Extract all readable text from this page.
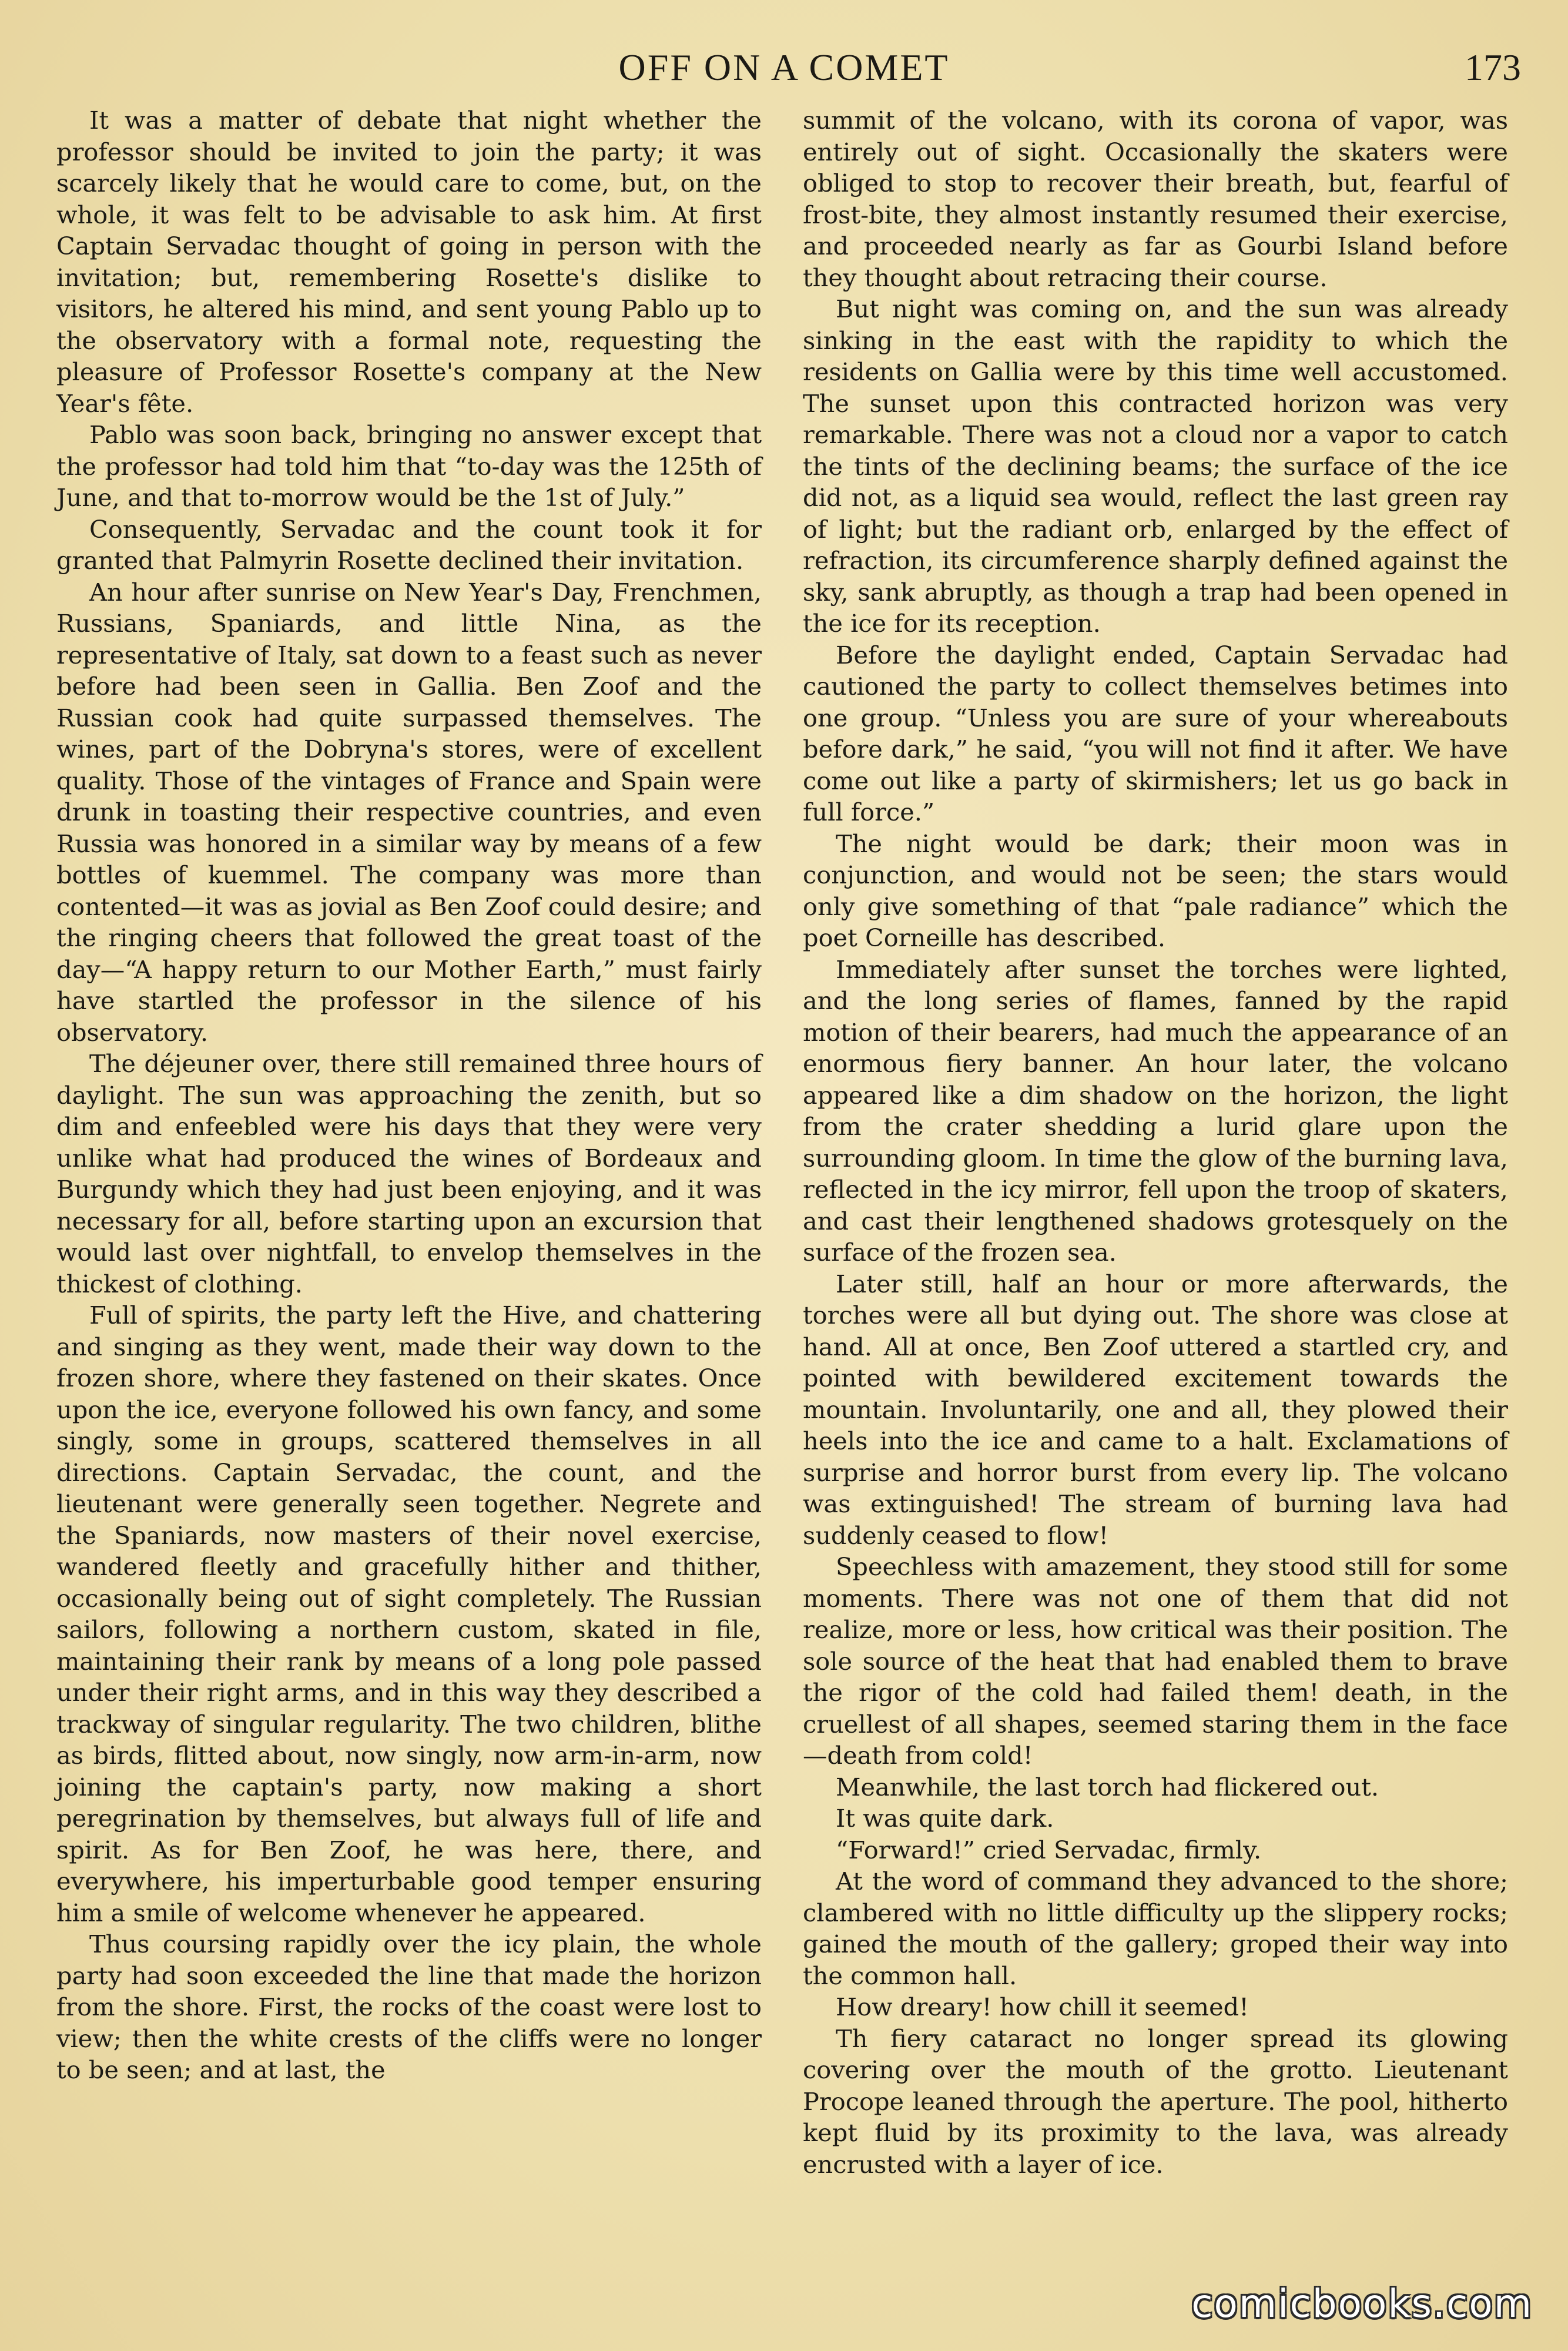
OFF ON A COMET	173

It was a matter of debate that night whether the professor should be invited to join the party; it was scarcely likely that he would care to come, but, on the whole, it was felt to be advisable to ask him. At first Captain Servadac thought of going in person with the invitation; but, remembering Rosette's dislike to visitors, he altered his mind, and sent young Pablo up to the observatory with a formal note, requesting the pleasure of Professor Rosette's company at the New Year's fête.

Pablo was soon back, bringing no answer except that the professor had told him that “to-day was the 125th of June, and that to-morrow would be the 1st of July.”

Consequently, Servadac and the count took it for granted that Palmyrin Rosette declined their invitation.

An hour after sunrise on New Year's Day, Frenchmen, Russians, Spaniards, and little Nina, as the representative of Italy, sat down to a feast such as never before had been seen in Gallia. Ben Zoof and the Russian cook had quite surpassed themselves. The wines, part of the Dobryna's stores, were of excellent quality. Those of the vintages of France and Spain were drunk in toasting their respective countries, and even Russia was honored in a similar way by means of a few bottles of kuemmel. The company was more than contented—it was as jovial as Ben Zoof could desire; and the ringing cheers that followed the great toast of the day—“A happy return to our Mother Earth,” must fairly have startled the professor in the silence of his observatory.

The déjeuner over, there still remained three hours of daylight. The sun was approaching the zenith, but so dim and enfeebled were his days that they were very unlike what had produced the wines of Bordeaux and Burgundy which they had just been enjoying, and it was necessary for all, before starting upon an excursion that would last over nightfall, to envelop themselves in the thickest of clothing.

Full of spirits, the party left the Hive, and chattering and singing as they went, made their way down to the frozen shore, where they fastened on their skates. Once upon the ice, everyone followed his own fancy, and some singly, some in groups, scattered themselves in all directions. Captain Servadac, the count, and the lieutenant were generally seen together. Negrete and the Spaniards, now masters of their novel exercise, wandered fleetly and gracefully hither and thither, occasionally being out of sight completely. The Russian sailors, following a northern custom, skated in file, maintaining their rank by means of a long pole passed under their right arms, and in this way they described a trackway of singular regularity. The two children, blithe as birds, flitted about, now singly, now arm-in-arm, now joining the captain's party, now making a short peregrination by themselves, but always full of life and spirit. As for Ben Zoof, he was here, there, and everywhere, his imperturbable good temper ensuring him a smile of welcome whenever he appeared.

Thus coursing rapidly over the icy plain, the whole party had soon exceeded the line that made the horizon from the shore. First, the rocks of the coast were lost to view; then the white crests of the cliffs were no longer to be seen; and at last, the

summit of the volcano, with its corona of vapor, was entirely out of sight. Occasionally the skaters were obliged to stop to recover their breath, but, fearful of frost-bite, they almost instantly resumed their exercise, and proceeded nearly as far as Gourbi Island before they thought about retracing their course.

But night was coming on, and the sun was already sinking in the east with the rapidity to which the residents on Gallia were by this time well accustomed. The sunset upon this contracted horizon was very remarkable. There was not a cloud nor a vapor to catch the tints of the declining beams; the surface of the ice did not, as a liquid sea would, reflect the last green ray of light; but the radiant orb, enlarged by the effect of refraction, its circumference sharply defined against the sky, sank abruptly, as though a trap had been opened in the ice for its reception.

Before the daylight ended, Captain Servadac had cautioned the party to collect themselves betimes into one group. “Unless you are sure of your whereabouts before dark,” he said, “you will not find it after. We have come out like a party of skirmishers; let us go back in full force.”

The night would be dark; their moon was in conjunction, and would not be seen; the stars would only give something of that “pale radiance” which the poet Corneille has described.

Immediately after sunset the torches were lighted, and the long series of flames, fanned by the rapid motion of their bearers, had much the appearance of an enormous fiery banner. An hour later, the volcano appeared like a dim shadow on the horizon, the light from the crater shedding a lurid glare upon the surrounding gloom. In time the glow of the burning lava, reflected in the icy mirror, fell upon the troop of skaters, and cast their lengthened shadows grotesquely on the surface of the frozen sea.

Later still, half an hour or more afterwards, the torches were all but dying out. The shore was close at hand. All at once, Ben Zoof uttered a startled cry, and pointed with bewildered excitement towards the mountain. Involuntarily, one and all, they plowed their heels into the ice and came to a halt. Exclamations of surprise and horror burst from every lip. The volcano was extinguished! The stream of burning lava had suddenly ceased to flow!

Speechless with amazement, they stood still for some moments. There was not one of them that did not realize, more or less, how critical was their position. The sole source of the heat that had enabled them to brave the rigor of the cold had failed them! death, in the cruellest of all shapes, seemed staring them in the face—death from cold!

Meanwhile, the last torch had flickered out.

It was quite dark.

“Forward!” cried Servadac, firmly.

At the word of command they advanced to the shore; clambered with no little difficulty up the slippery rocks; gained the mouth of the gallery; groped their way into the common hall.

How dreary! how chill it seemed!

Th fiery cataract no longer spread its glowing covering over the mouth of the grotto. Lieutenant Procope leaned through the aperture. The pool, hitherto kept fluid by its proximity to the lava, was already encrusted with a layer of ice.

comicbooks.com
